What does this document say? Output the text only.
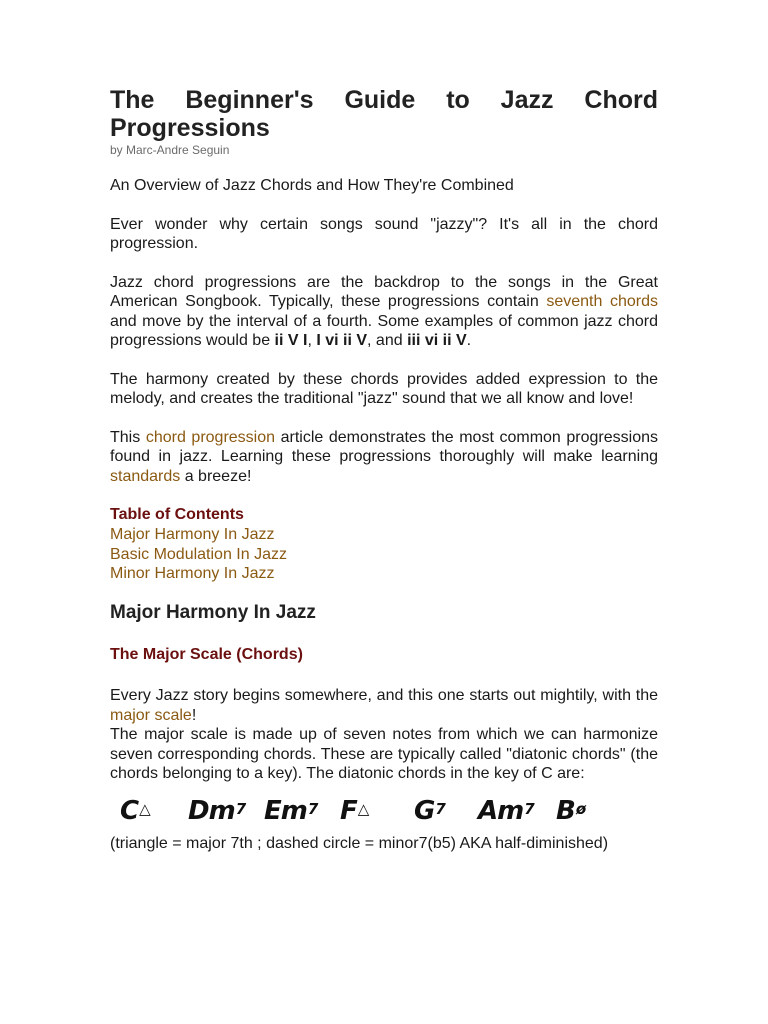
The Beginner's Guide to Jazz Chord Progressions
by Marc-Andre Seguin

An Overview of Jazz Chords and How They're Combined

Ever wonder why certain songs sound "jazzy"? It's all in the chord progression.

Jazz chord progressions are the backdrop to the songs in the Great American Songbook. Typically, these progressions contain seventh chords and move by the interval of a fourth. Some examples of common jazz chord progressions would be ii V I, I vi ii V, and iii vi ii V.

The harmony created by these chords provides added expression to the melody, and creates the traditional "jazz" sound that we all know and love!

This chord progression article demonstrates the most common progressions found in jazz. Learning these progressions thoroughly will make learning standards a breeze!

Table of Contents
Major Harmony In Jazz
Basic Modulation In Jazz
Minor Harmony In Jazz
Major Harmony In Jazz
The Major Scale (Chords)

Every Jazz story begins somewhere, and this one starts out mightily, with the major scale!

The major scale is made up of seven notes from which we can harmonize seven corresponding chords. These are typically called "diatonic chords" (the chords belonging to a key). The diatonic chords in the key of C are:

C△ Dm$^7$ Em$^7$ F△ $G^7$ Am$^7$ $B^ø$

(triangle = major 7th ; dashed circle = minor7(b5) AKA half-diminished)
